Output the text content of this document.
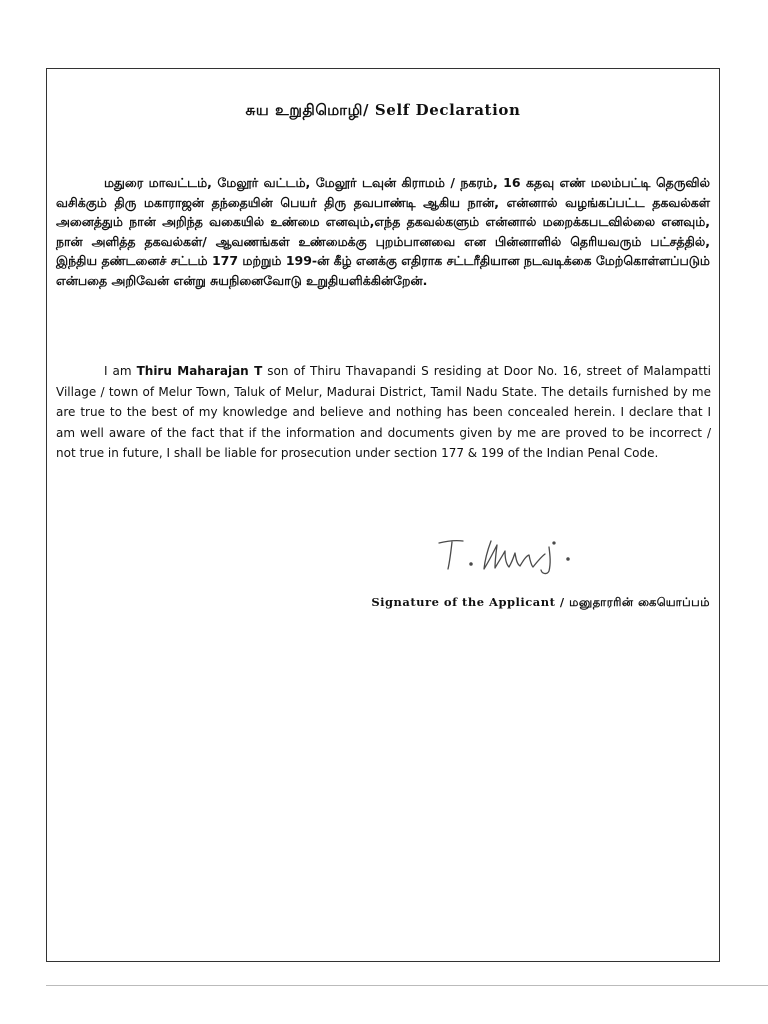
சுய உறுதிமொழி/ Self Declaration

மதுரை மாவட்டம், மேலூர் வட்டம், மேலூர் டவுன் கிராமம் / நகரம், 16 கதவு எண் மலம்பட்டி தெருவில் வசிக்கும் திரு மகாராஜன் தந்தையின் பெயர் திரு தவபாண்டி ஆகிய நான், என்னால் வழங்கப்பட்ட தகவல்கள் அனைத்தும் நான் அறிந்த வகையில் உண்மை எனவும்,எந்த தகவல்களும் என்னால் மறைக்கபடவில்லை எனவும், நான் அளித்த தகவல்கள்/ ஆவணங்கள் உண்மைக்கு புறம்பானவை என பின்னாளில் தெரியவரும் பட்சத்தில், இந்திய தண்டனைச் சட்டம் 177 மற்றும் 199-ன் கீழ் எனக்கு எதிராக சட்டரீதியான நடவடிக்கை மேற்கொள்ளப்படும் என்பதை அறிவேன் என்று சுயநினைவோடு உறுதியளிக்கின்றேன்.

I am Thiru Maharajan T son of Thiru Thavapandi S residing at Door No. 16, street of Malampatti Village / town of Melur Town, Taluk of Melur, Madurai District, Tamil Nadu State. The details furnished by me are true to the best of my knowledge and believe and nothing has been concealed herein. I declare that I am well aware of the fact that if the information and documents given by me are proved to be incorrect / not true in future, I shall be liable for prosecution under section 177 & 199 of the Indian Penal Code.

Signature of the Applicant / மனுதாரரின் கையொப்பம்
